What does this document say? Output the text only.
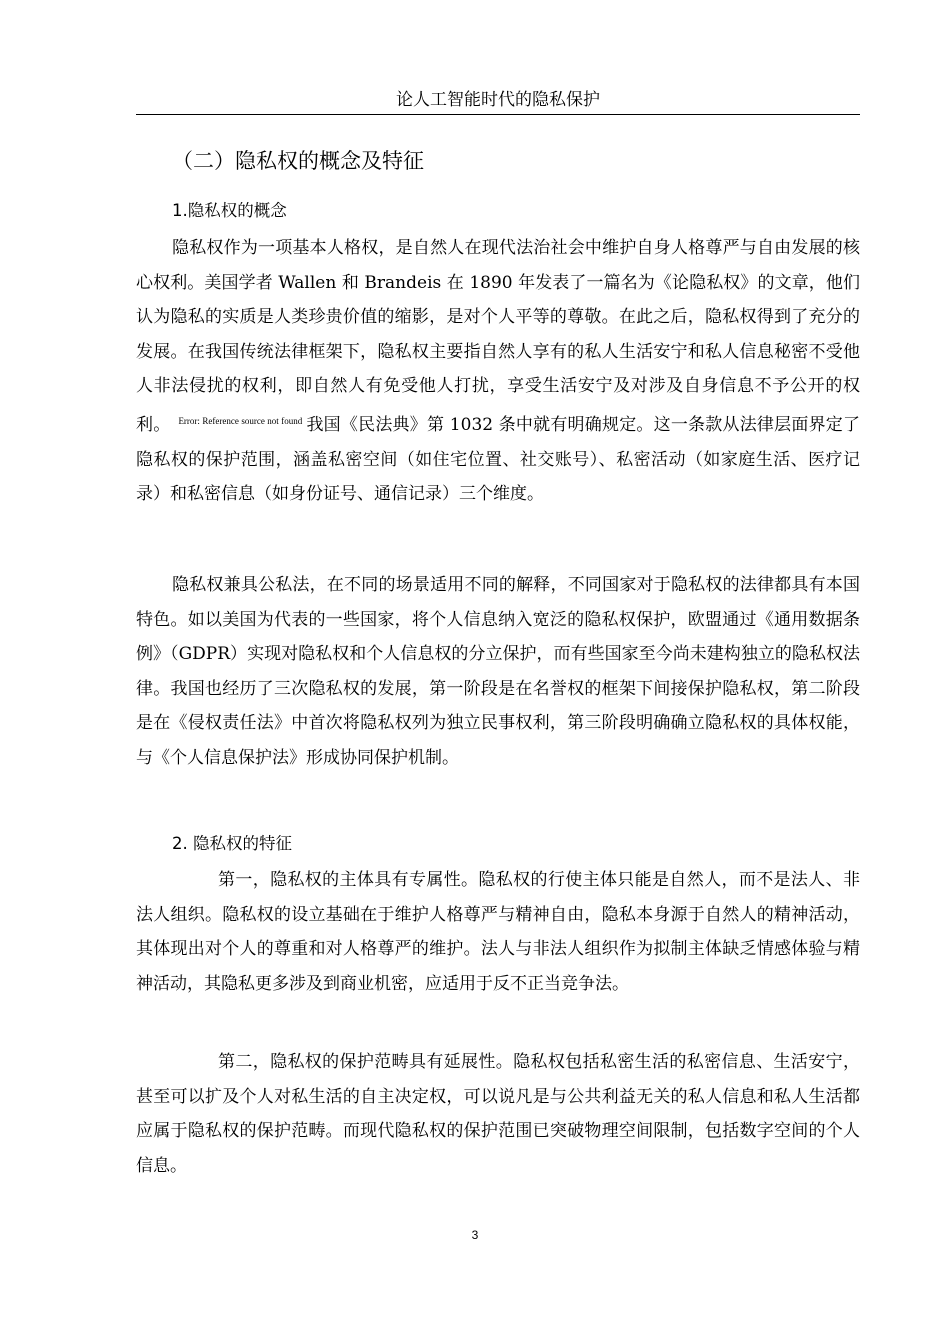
论人工智能时代的隐私保护
（二）隐私权的概念及特征
1.隐私权的概念

隐私权作为一项基本人格权，是自然人在现代法治社会中维护自身人格尊严与自由发展的核心权利。美国学者 Wallen 和 Brandeis 在 1890 年发表了一篇名为《论隐私权》的文章，他们认为隐私的实质是人类珍贵价值的缩影，是对个人平等的尊敬。在此之后，隐私权得到了充分的发展。在我国传统法律框架下，隐私权主要指自然人享有的私人生活安宁和私人信息秘密不受他人非法侵扰的权利，即自然人有免受他人打扰，享受生活安宁及对涉及自身信息不予公开的权利。 $^{Error: Reference source not found}$ 我国《民法典》第 1032 条中就有明确规定。这一条款从法律层面界定了隐私权的保护范围，涵盖私密空间（如住宅位置、社交账号）、私密活动（如家庭生活、医疗记录）和私密信息（如身份证号、通信记录）三个维度。

隐私权兼具公私法，在不同的场景适用不同的解释，不同国家对于隐私权的法律都具有本国特色。如以美国为代表的一些国家，将个人信息纳入宽泛的隐私权保护，欧盟通过《通用数据条例》（GDPR）实现对隐私权和个人信息权的分立保护，而有些国家至今尚未建构独立的隐私权法律。我国也经历了三次隐私权的发展，第一阶段是在名誉权的框架下间接保护隐私权，第二阶段是在《侵权责任法》中首次将隐私权列为独立民事权利，第三阶段明确确立隐私权的具体权能，与《个人信息保护法》形成协同保护机制。

2. 隐私权的特征

第一，隐私权的主体具有专属性。隐私权的行使主体只能是自然人，而不是法人、非法人组织。隐私权的设立基础在于维护人格尊严与精神自由，隐私本身源于自然人的精神活动，其体现出对个人的尊重和对人格尊严的维护。法人与非法人组织作为拟制主体缺乏情感体验与精神活动，其隐私更多涉及到商业机密，应适用于反不正当竞争法。

第二，隐私权的保护范畴具有延展性。隐私权包括私密生活的私密信息、生活安宁，甚至可以扩及个人对私生活的自主决定权，可以说凡是与公共利益无关的私人信息和私人生活都应属于隐私权的保护范畴。而现代隐私权的保护范围已突破物理空间限制，包括数字空间的个人信息。

3
